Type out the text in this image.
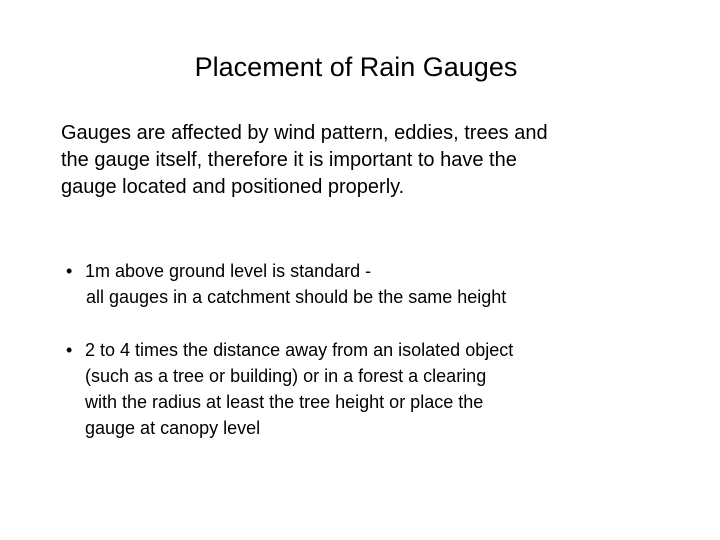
Placement of Rain Gauges
Gauges are affected by wind pattern, eddies, trees and
the gauge itself, therefore it is important to have the
gauge located and positioned properly.
• 1m above ground level is standard -
all gauges in a catchment should be the same height
• 2 to 4 times the distance away from an isolated object
(such as a tree or building) or in a forest a clearing
with the radius at least the tree height or place the
gauge at canopy level
